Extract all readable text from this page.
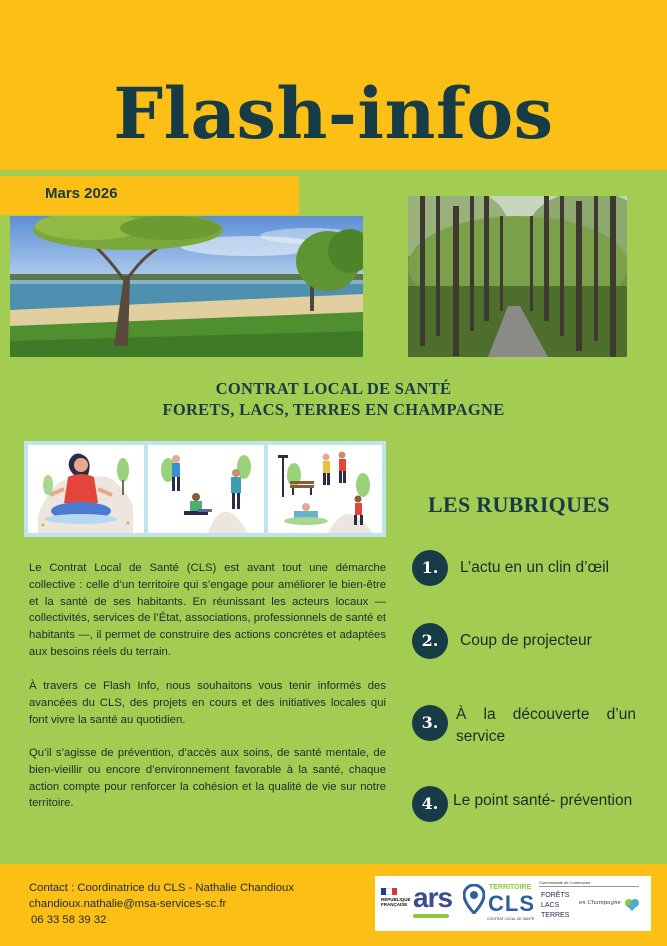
Flash-infos
Mars 2026
CONTRAT LOCAL DE SANTÉ
FORETS, LACS, TERRES EN CHAMPAGNE
LES RUBRIQUES

Le Contrat Local de Santé (CLS) est avant tout une démarche collective : celle d’un territoire qui s’engage pour améliorer le bien-être et la santé de ses habitants. En réunissant les acteurs locaux — collectivités, services de l’État, associations, professionnels de santé et habitants —, il permet de construire des actions concrètes et adaptées aux besoins réels du terrain.

À travers ce Flash Info, nous souhaitons vous tenir informés des avancées du CLS, des projets en cours et des initiatives locales qui font vivre la santé au quotidien.

Qu’il s’agisse de prévention, d’accès aux soins, de santé mentale, de bien-vieillir ou encore d’environnement favorable à la santé, chaque action compte pour renforcer la cohésion et la qualité de vie sur notre territoire.

1.	L’actu en un clin d’œil
2.	Coup de projecteur
3.	À la découverte d’un service
4. Le point santé- prévention
Contact : Coordinatrice du CLS - Nathalie Chandioux
chandioux.nathalie@msa-services-sc.fr
06 33 58 39 32
RÉPUBLIQUE FRANÇAISE ars	TERRITOIRE
CLS
CONTRAT LOCAL DE SANTÉ
Communauté de Communes
FORÊTS
LACS
TERRES
en Champagne
